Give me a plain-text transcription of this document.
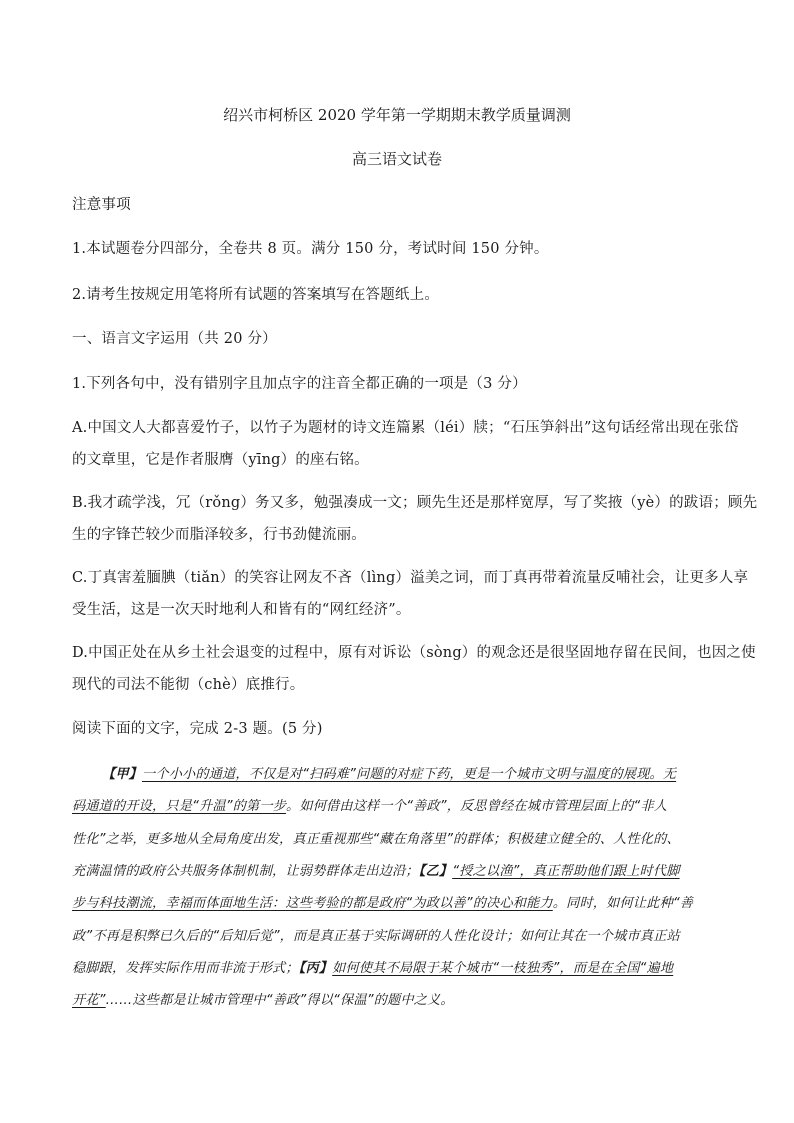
绍兴市柯桥区 2020 学年第一学期期末教学质量调测
高三语文试卷
注意事项
1.本试题卷分四部分，全卷共 8 页。满分 150 分，考试时间 150 分钟。
2.请考生按规定用笔将所有试题的答案填写在答题纸上。
一、语言文字运用（共 20 分）
1.下列各句中，没有错别字且加点字的注音全都正确的一项是（3 分）
A.中国文人大都喜爱竹子，以竹子为题材的诗文连篇累（léi）牍；“石压笋斜出”这句话经常出现在张岱
的文章里，它是作者服膺（yīng）的座右铭。
B.我才疏学浅，冗（rǒng）务又多，勉强凑成一文；顾先生还是那样宽厚，写了奖掖（yè）的跋语；顾先
生的字锋芒较少而脂泽较多，行书劲健流丽。
C.丁真害羞腼腆（tiǎn）的笑容让网友不吝（lìng）溢美之词，而丁真再带着流量反哺社会，让更多人享
受生活，这是一次天时地利人和皆有的“网红经济”。
D.中国正处在从乡土社会退变的过程中，原有对诉讼（sòng）的观念还是很坚固地存留在民间，也因之使
现代的司法不能彻（chè）底推行。
阅读下面的文字，完成 2-3 题。(5 分)
【甲】一个小小的通道，不仅是对“扫码难”问题的对症下药，更是一个城市文明与温度的展现。无
码通道的开设，只是“升温”的第一步。如何借由这样一个“善政”，反思曾经在城市管理层面上的“非人
性化”之举，更多地从全局角度出发，真正重视那些“藏在角落里”的群体；积极建立健全的、人性化的、
充满温情的政府公共服务体制机制，让弱势群体走出边沿；【乙】“授之以渔”，真正帮助他们跟上时代脚
步与科技潮流，幸福而体面地生活：这些考验的都是政府“为政以善”的决心和能力。同时，如何让此种“善
政”不再是积弊已久后的“后知后觉”，而是真正基于实际调研的人性化设计；如何让其在一个城市真正站
稳脚跟，发挥实际作用而非流于形式；【丙】如何使其不局限于某个城市“一枝独秀”，而是在全国“遍地
开花”……这些都是让城市管理中“善政”得以“保温”的题中之义。
